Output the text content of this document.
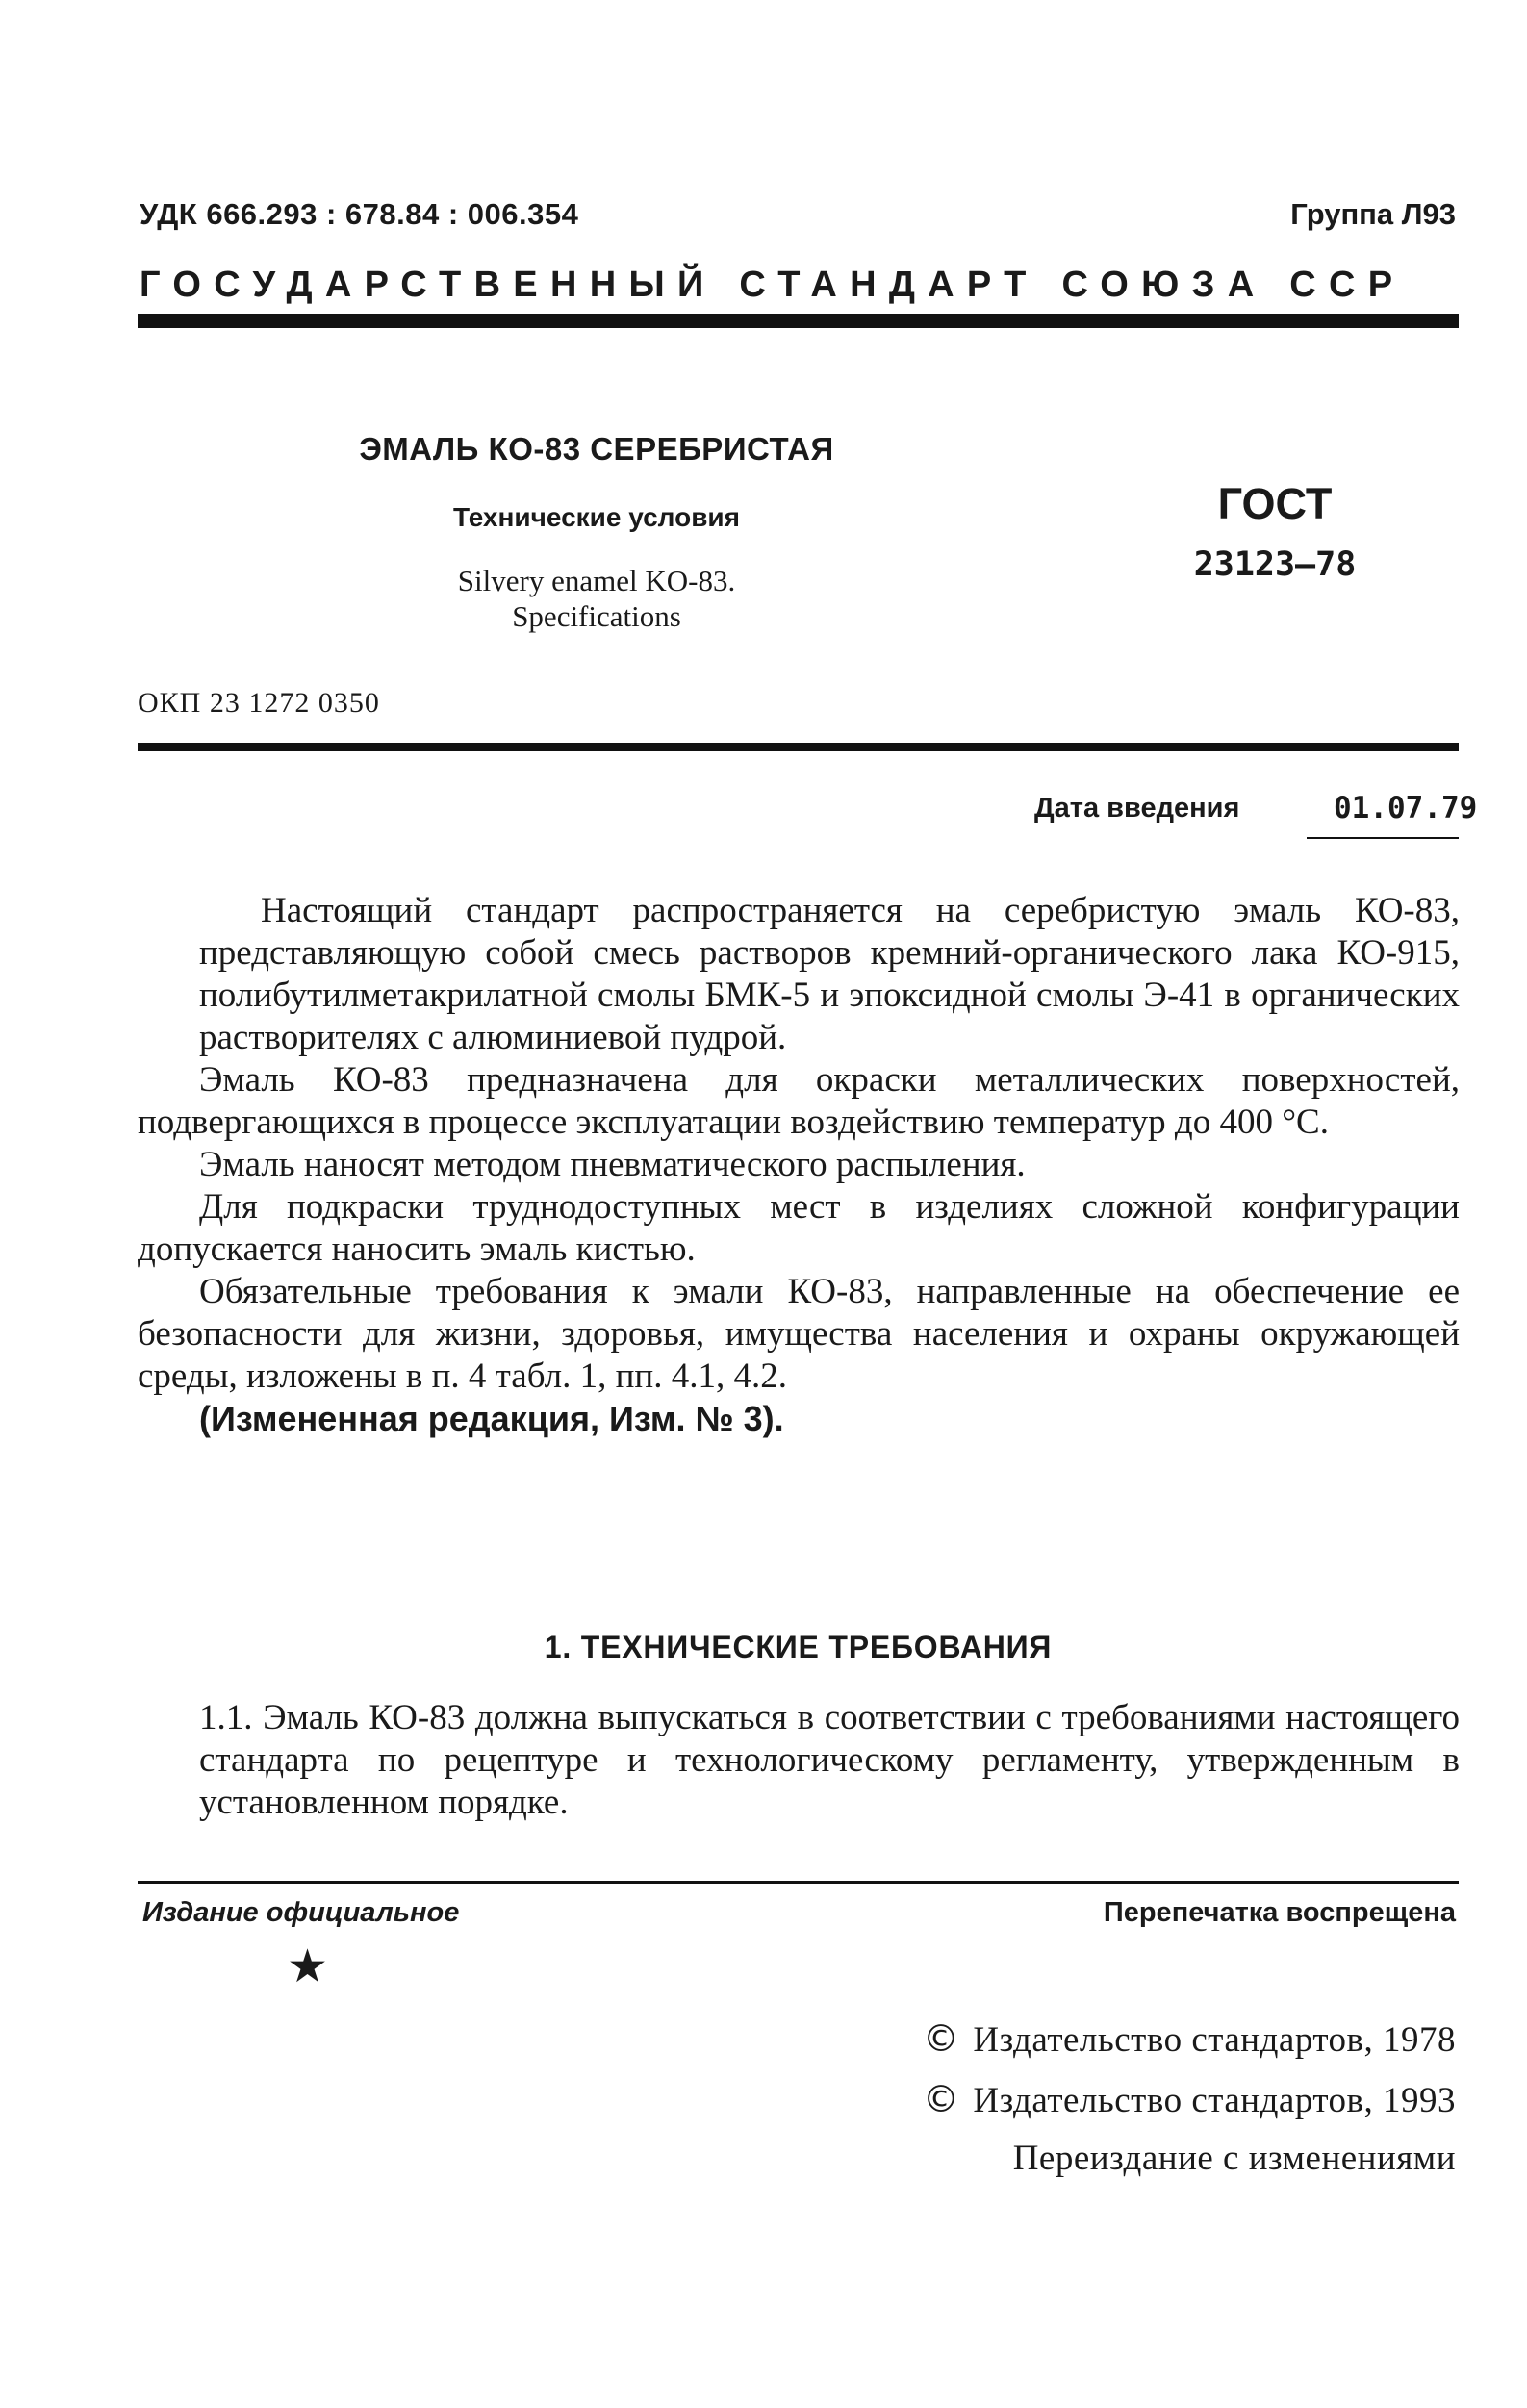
УДК 666.293 : 678.84 : 006.354	Группа Л93
ГОСУДАРСТВЕННЫЙ СТАНДАРТ СОЮЗА ССР
ЭМАЛЬ КО-83 СЕРЕБРИСТАЯ
Технические условия
Silvery enamel KO-83.
Specifications
ГОСТ
23123—78
ОКП 23 1272 0350
Дата введения	01.07.79

Настоящий стандарт распространяется на серебристую эмаль КО-83, представляющую собой смесь растворов кремний-органического лака КО-915, полибутилметакрилатной смолы БМК-5 и эпоксидной смолы Э-41 в органических растворителях с алюминиевой пудрой.

Эмаль КО-83 предназначена для окраски металлических поверхностей, подвергающихся в процессе эксплуатации воздействию температур до 400 °С.

Эмаль наносят методом пневматического распыления.

Для подкраски труднодоступных мест в изделиях сложной конфигурации допускается наносить эмаль кистью.

Обязательные требования к эмали КО-83, направленные на обеспечение ее безопасности для жизни, здоровья, имущества населения и охраны окружающей среды, изложены в п. 4 табл. 1, пп. 4.1, 4.2.

(Измененная редакция, Изм. № 3).

1. ТЕХНИЧЕСКИЕ ТРЕБОВАНИЯ
1.1. Эмаль КО-83 должна выпускаться в соответствии с требованиями настоящего стандарта по рецептуре и технологическому регламенту, утвержденным в установленном порядке.
Издание официальное	Перепечатка воспрещена
★
© Издательство стандартов, 1978
© Издательство стандартов, 1993
Переиздание с изменениями
